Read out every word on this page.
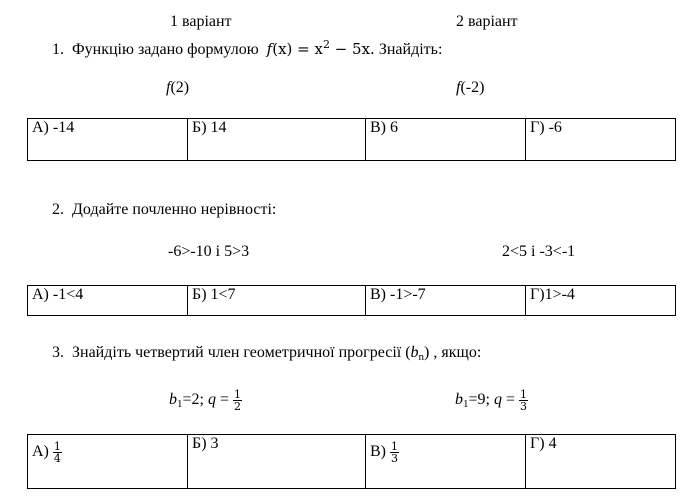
1 варіант	2 варіант
1. Функцію задано формулою $f(x) = x^2 - 5x$. Знайдіть:
f(2)	f(-2)
А) -14	Б) 14	В) 6	Г) -6
2. Додайте почленно нерівності:
-6>-10 і 5>3	2<5 і -3<-1
А) -1<4	Б) 1<7	В) -1>-7	Г)1>-4
3. Знайдіть четвертий член геометричної прогресії $(b_n)$ , якщо:
$b_1=2$; $q = \frac{1}{2}$	$b_1=9$; $q = \frac{1}{3}$
$А) \frac{1}{4}$	Б) 3	$В) \frac{1}{3}$	Г) 4
